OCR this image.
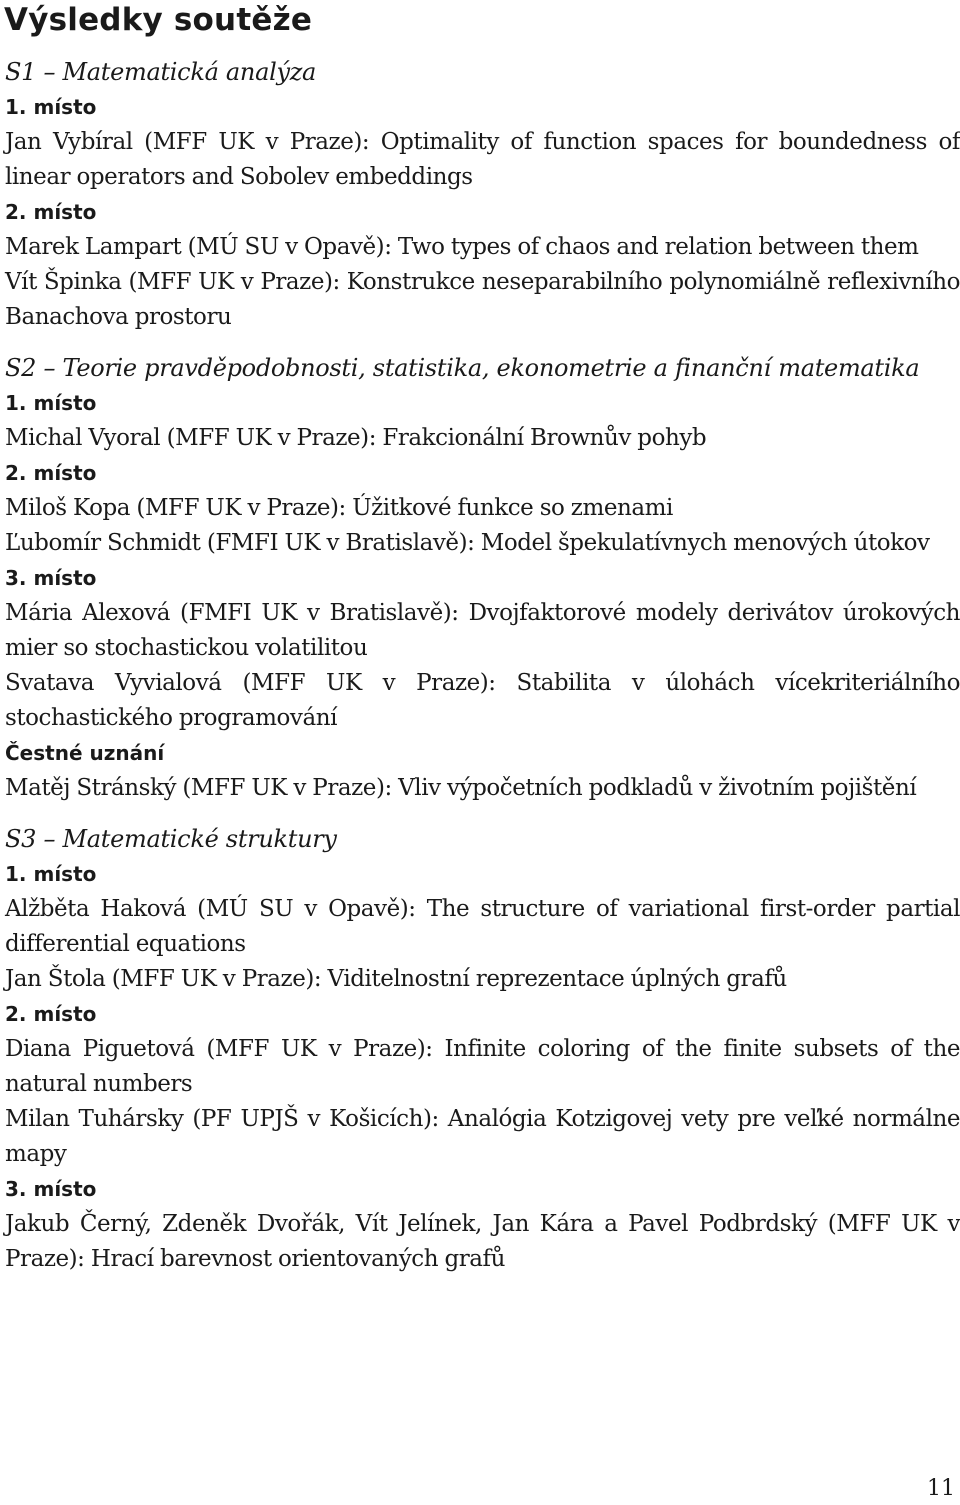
Výsledky soutěže
S1 – Matematická analýza
1. místo

Jan Vybíral (MFF UK v Praze): Optimality of function spaces for boundedness of linear operators and Sobolev embeddings

2. místo

Marek Lampart (MÚ SU v Opavě): Two types of chaos and relation between them

Vít Špinka (MFF UK v Praze): Konstrukce neseparabilního polynomiálně reflexivního Banachova prostoru

S2 – Teorie pravděpodobnosti, statistika, ekonometrie a finanční matematika
1. místo

Michal Vyoral (MFF UK v Praze): Frakcionální Brownův pohyb

2. místo

Miloš Kopa (MFF UK v Praze): Úžitkové funkce so zmenami

Ľubomír Schmidt (FMFI UK v Bratislavě): Model špekulatívnych menových útokov

3. místo

Mária Alexová (FMFI UK v Bratislavě): Dvojfaktorové modely derivátov úrokových mier so stochastickou volatilitou

Svatava Vyvialová (MFF UK v Praze): Stabilita v úlohách vícekriteriálního stochastického programování

Čestné uznání

Matěj Stránský (MFF UK v Praze): Vliv výpočetních podkladů v životním pojištění

S3 – Matematické struktury
1. místo

Alžběta Haková (MÚ SU v Opavě): The structure of variational first-order partial differential equations

Jan Štola (MFF UK v Praze): Viditelnostní reprezentace úplných grafů

2. místo

Diana Piguetová (MFF UK v Praze): Infinite coloring of the finite subsets of the natural numbers

Milan Tuhársky (PF UPJŠ v Košicích): Analógia Kotzigovej vety pre veľké normálne mapy

3. místo

Jakub Černý, Zdeněk Dvořák, Vít Jelínek, Jan Kára a Pavel Podbrdský (MFF UK v Praze): Hrací barevnost orientovaných grafů

11
